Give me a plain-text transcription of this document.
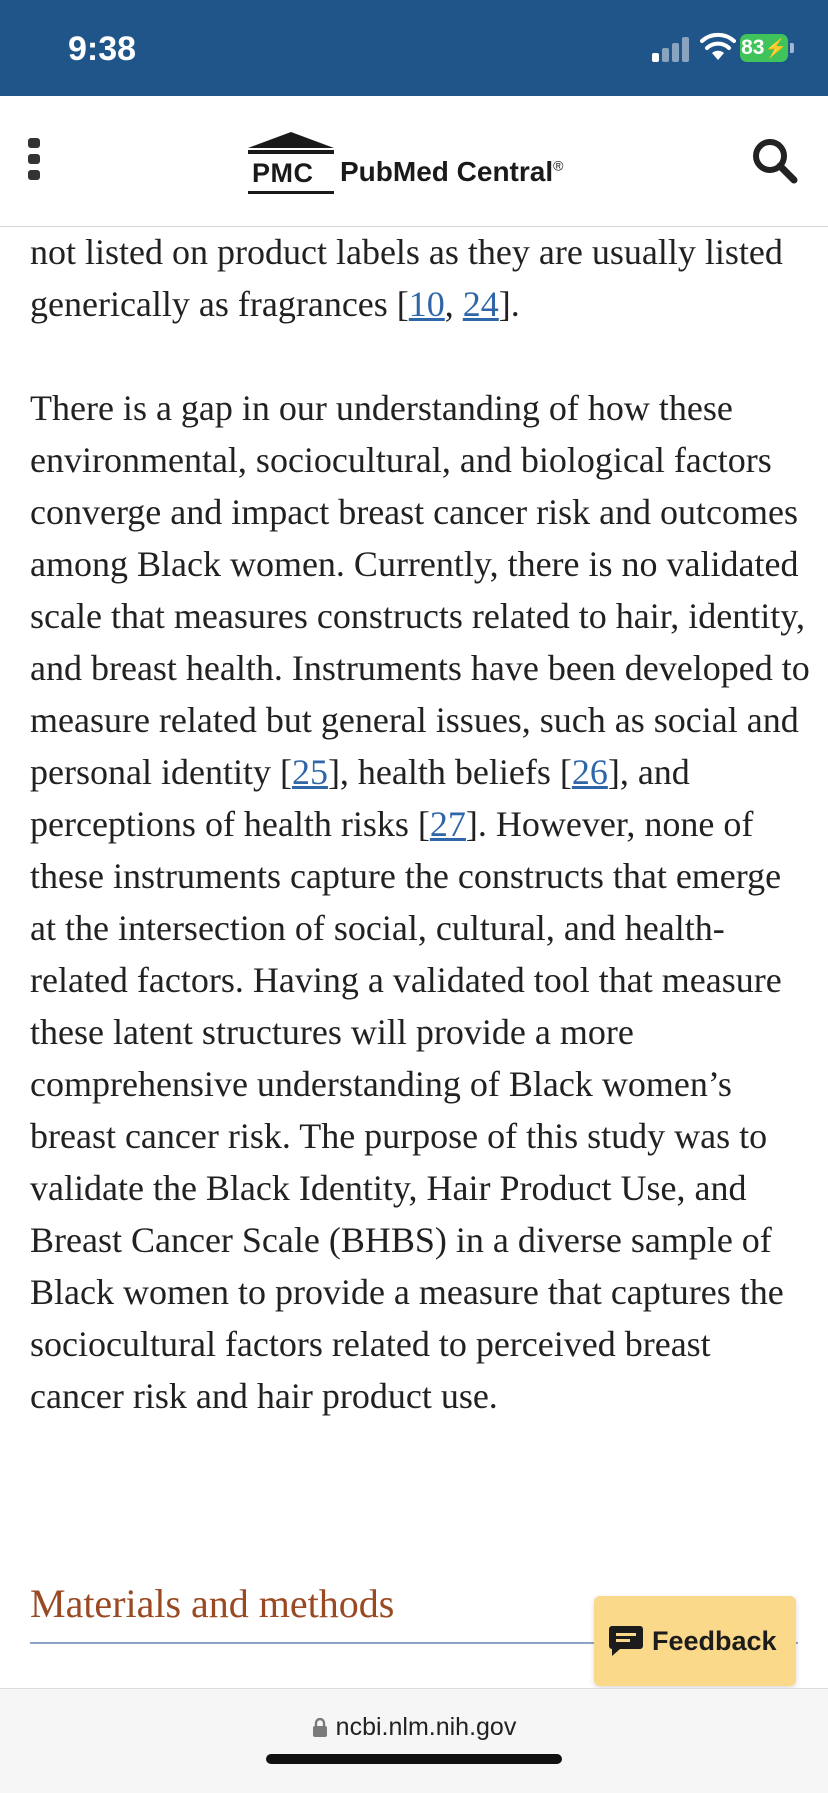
9:38	83⚡
PMC PubMed Central®

not listed on product labels as they are usually listed generically as fragrances [10, 24].

There is a gap in our understanding of how these environmental, sociocultural, and biological factors converge and impact breast cancer risk and outcomes among Black women. Currently, there is no validated scale that measures constructs related to hair, identity, and breast health. Instruments have been developed to measure related but general issues, such as social and personal identity [25], health beliefs [26], and perceptions of health risks [27]. However, none of these instruments capture the constructs that emerge at the intersection of social, cultural, and health-related factors. Having a validated tool that measure these latent structures will provide a more comprehensive understanding of Black women’s breast cancer risk. The purpose of this study was to validate the Black Identity, Hair Product Use, and Breast Cancer Scale (BHBS) in a diverse sample of Black women to provide a measure that captures the sociocultural factors related to perceived breast cancer risk and hair product use.

Materials and methods
Feedback
ncbi.nlm.nih.gov
